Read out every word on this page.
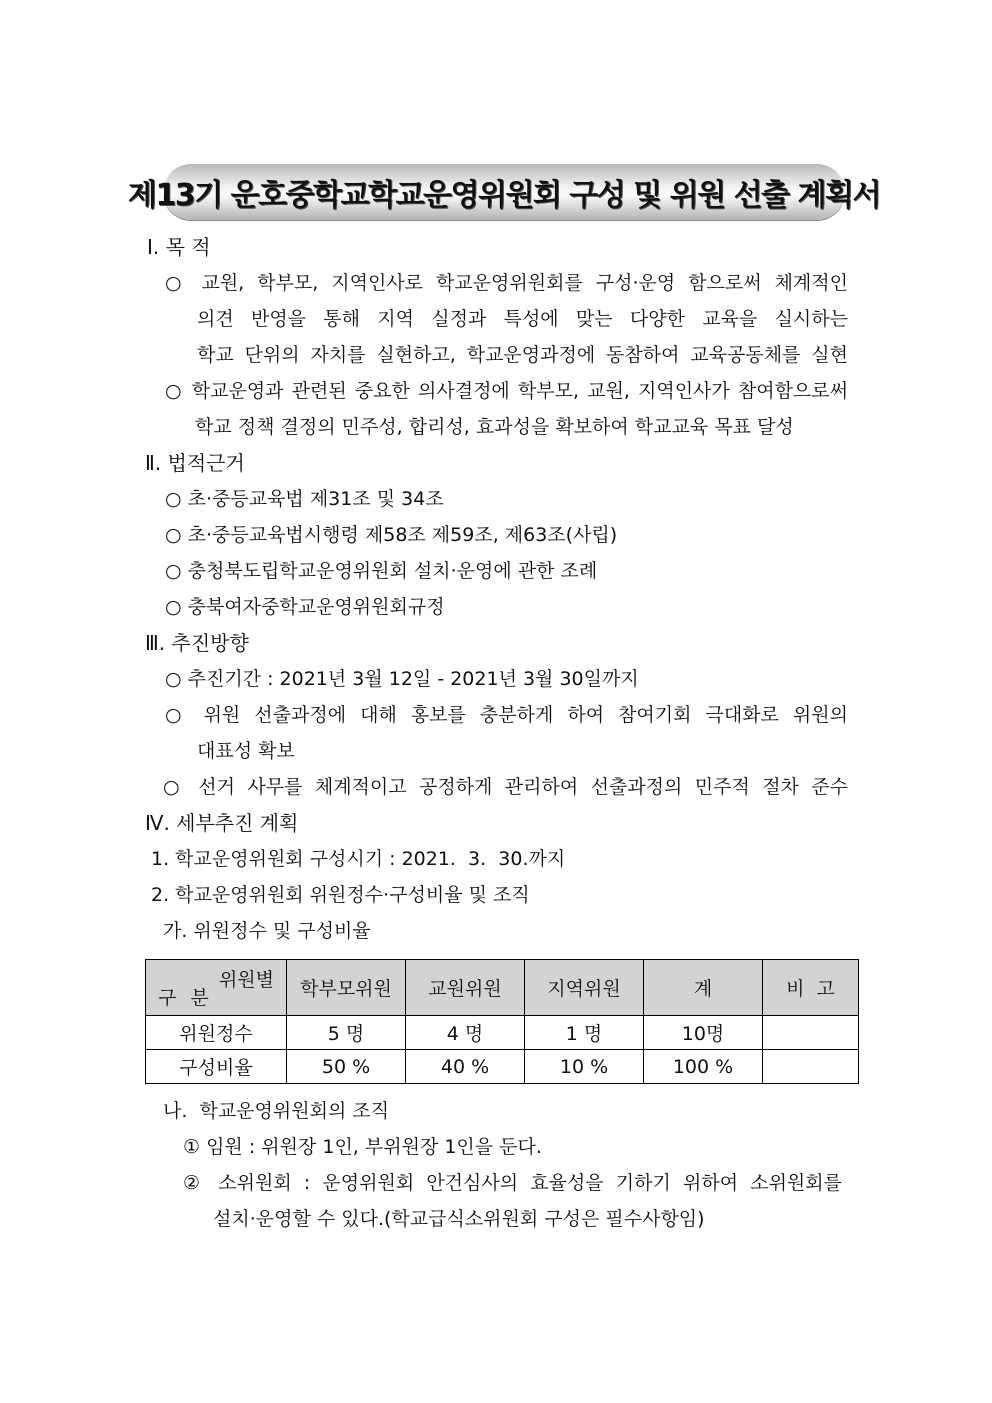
제13기 운호중학교학교운영위원회 구성 및 위원 선출 계획서
Ⅰ. 목 적
○ 교원, 학부모, 지역인사로 학교운영위원회를 구성·운영 함으로써 체계적인
의견 반영을 통해 지역 실정과 특성에 맞는 다양한 교육을 실시하는
학교 단위의 자치를 실현하고, 학교운영과정에 동참하여 교육공동체를 실현
○ 학교운영과 관련된 중요한 의사결정에 학부모, 교원, 지역인사가 참여함으로써
학교 정책 결정의 민주성, 합리성, 효과성을 확보하여 학교교육 목표 달성
Ⅱ. 법적근거
○ 초·중등교육법 제31조 및 34조
○ 초·중등교육법시행령 제58조 제59조, 제63조(사립)
○ 충청북도립학교운영위원회 설치·운영에 관한 조례
○ 충북여자중학교운영위원회규정
Ⅲ. 추진방향
○ 추진기간 : 2021년 3월 12일 - 2021년 3월 30일까지
○ 위원 선출과정에 대해 홍보를 충분하게 하여 참여기회 극대화로 위원의
대표성 확보
○ 선거 사무를 체계적이고 공정하게 관리하여 선출과정의 민주적 절차 준수
Ⅳ. 세부추진 계획
1. 학교운영위원회 구성시기 : 2021.  3.  30.까지
2. 학교운영위원회 위원정수·구성비율 및 조직
가. 위원정수 및 구성비율
위원별
구 분	학부모위원	교원위원	지역위원	계	비  고
위원정수	5 명	4 명	1 명	10명	
구성비율	50 %	40 %	10 %	100 %	
나.  학교운영위원회의 조직
① 임원 : 위원장 1인, 부위원장 1인을 둔다.
② 소위원회 : 운영위원회 안건심사의 효율성을 기하기 위하여 소위원회를
설치·운영할 수 있다.(학교급식소위원회 구성은 필수사항임)
